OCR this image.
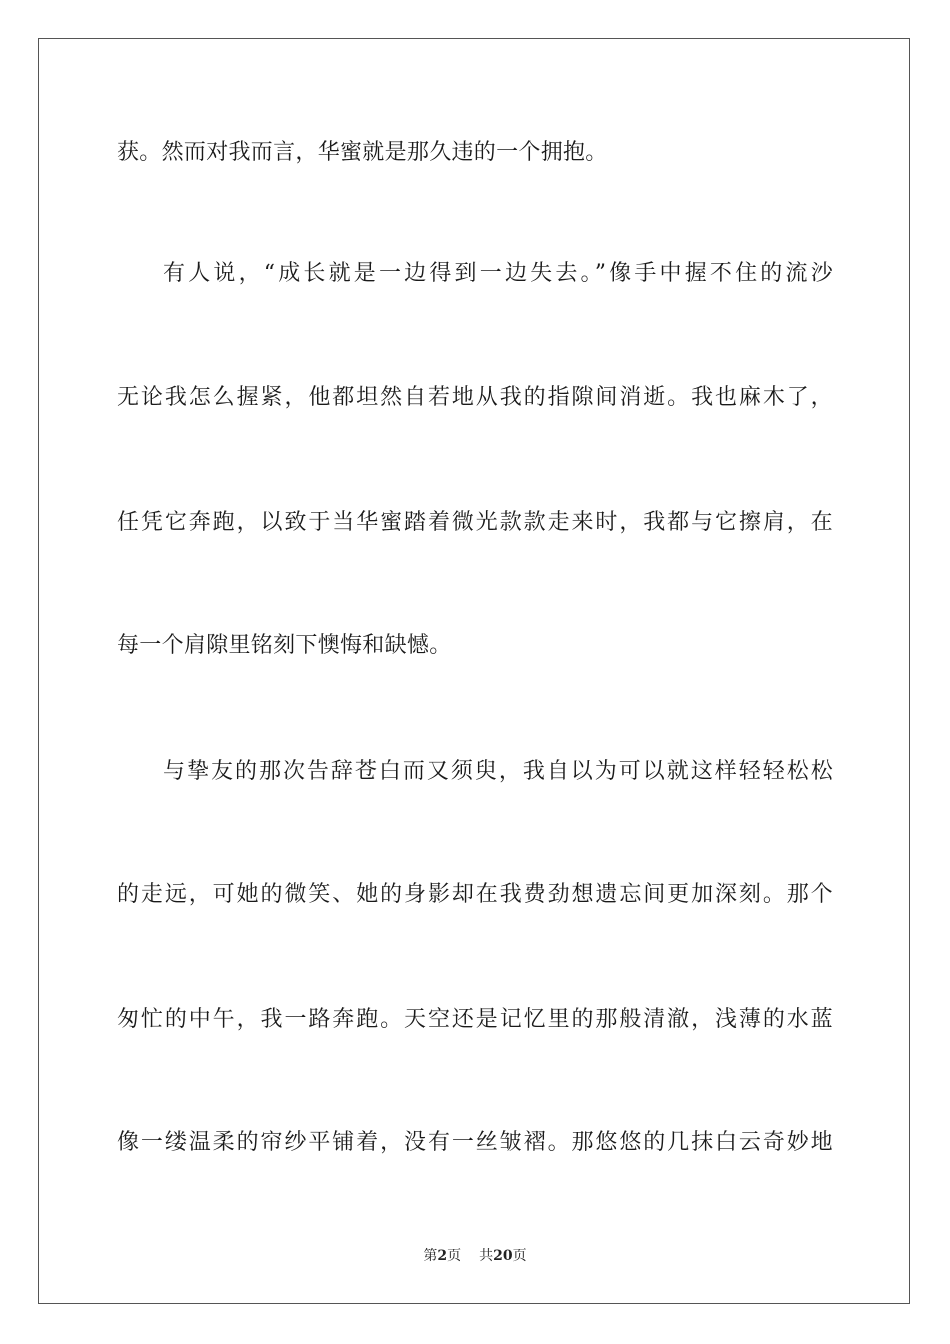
获。然而对我而言，华蜜就是那久违的一个拥抱。
有人说，“成长就是一边得到一边失去。”像手中握不住的流沙
无论我怎么握紧，他都坦然自若地从我的指隙间消逝。我也麻木了，
任凭它奔跑，以致于当华蜜踏着微光款款走来时，我都与它擦肩，在
每一个肩隙里铭刻下懊悔和缺憾。
与挚友的那次告辞苍白而又须臾，我自以为可以就这样轻轻松松
的走远，可她的微笑、她的身影却在我费劲想遗忘间更加深刻。那个
匆忙的中午，我一路奔跑。天空还是记忆里的那般清澈，浅薄的水蓝
像一缕温柔的帘纱平铺着，没有一丝皱褶。那悠悠的几抹白云奇妙地
第2页 共20页
